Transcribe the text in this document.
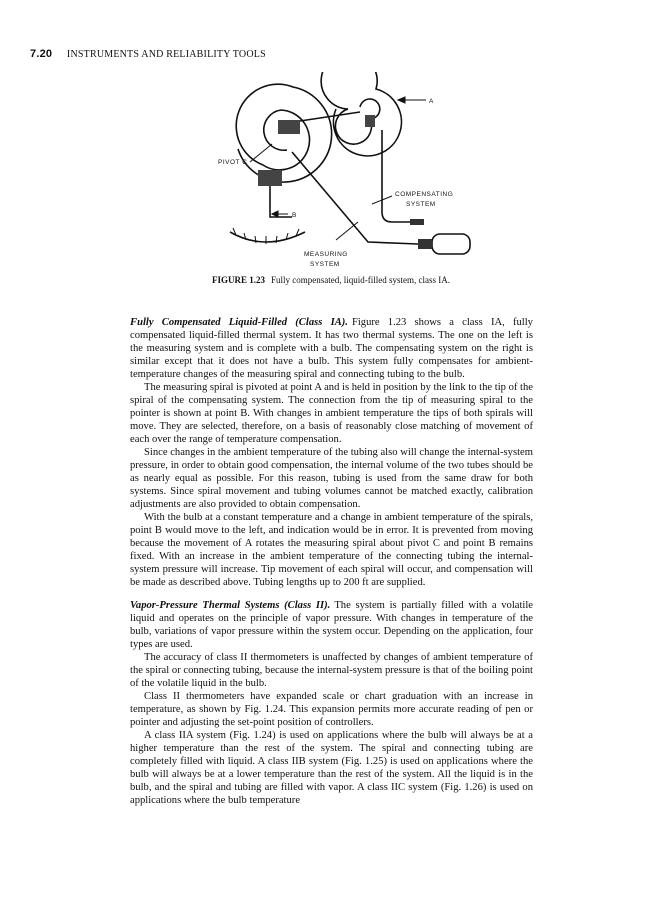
7.20 INSTRUMENTS AND RELIABILITY TOOLS
A
PIVOT C
B
COMPENSATING
SYSTEM
MEASURING
SYSTEM
FIGURE 1.23 Fully compensated, liquid-filled system, class IA.

Fully Compensated Liquid-Filled (Class IA). Figure 1.23 shows a class IA, fully compensated liquid-filled thermal system. It has two thermal systems. The one on the left is the measuring system and is complete with a bulb. The compensating system on the right is similar except that it does not have a bulb. This system fully compensates for ambient-temperature changes of the measuring spiral and connecting tubing to the bulb.

The measuring spiral is pivoted at point A and is held in position by the link to the tip of the spiral of the compensating system. The connection from the tip of measuring spiral to the pointer is shown at point B. With changes in ambient temperature the tips of both spirals will move. They are selected, therefore, on a basis of reasonably close matching of movement of each over the range of temperature compensation.

Since changes in the ambient temperature of the tubing also will change the internal-system pressure, in order to obtain good compensation, the internal volume of the two tubes should be as nearly equal as possible. For this reason, tubing is used from the same draw for both systems. Since spiral movement and tubing volumes cannot be matched exactly, calibration adjustments are also provided to obtain compensation.

With the bulb at a constant temperature and a change in ambient temperature of the spirals, point B would move to the left, and indication would be in error. It is prevented from moving because the movement of A rotates the measuring spiral about pivot C and point B remains fixed. With an increase in the ambient temperature of the connecting tubing the internal-system pressure will increase. Tip movement of each spiral will occur, and compensation will be made as described above. Tubing lengths up to 200 ft are supplied.

Vapor-Pressure Thermal Systems (Class II). The system is partially filled with a volatile liquid and operates on the principle of vapor pressure. With changes in temperature of the bulb, variations of vapor pressure within the system occur. Depending on the application, four types are used.

The accuracy of class II thermometers is unaffected by changes of ambient temperature of the spiral or connecting tubing, because the internal-system pressure is that of the boiling point of the volatile liquid in the bulb.

Class II thermometers have expanded scale or chart graduation with an increase in temperature, as shown by Fig. 1.24. This expansion permits more accurate reading of pen or pointer and adjusting the set-point position of controllers.

A class IIA system (Fig. 1.24) is used on applications where the bulb will always be at a higher temperature than the rest of the system. The spiral and connecting tubing are completely filled with liquid. A class IIB system (Fig. 1.25) is used on applications where the bulb will always be at a lower temperature than the rest of the system. All the liquid is in the bulb, and the spiral and tubing are filled with vapor. A class IIC system (Fig. 1.26) is used on applications where the bulb temperature
